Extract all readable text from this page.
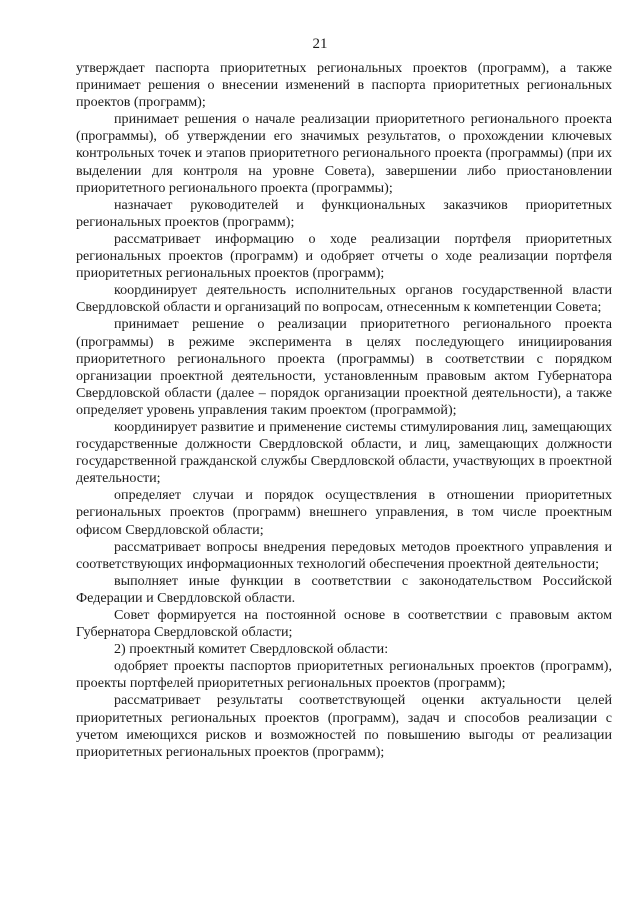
21

утверждает паспорта приоритетных региональных проектов (программ), а также принимает решения о внесении изменений в паспорта приоритетных региональных проектов (программ);

принимает решения о начале реализации приоритетного регионального проекта (программы), об утверждении его значимых результатов, о прохождении ключевых контрольных точек и этапов приоритетного регионального проекта (программы) (при их выделении для контроля на уровне Совета), завершении либо приостановлении приоритетного регионального проекта (программы);

назначает руководителей и функциональных заказчиков приоритетных региональных проектов (программ);

рассматривает информацию о ходе реализации портфеля приоритетных региональных проектов (программ) и одобряет отчеты о ходе реализации портфеля приоритетных региональных проектов (программ);

координирует деятельность исполнительных органов государственной власти Свердловской области и организаций по вопросам, отнесенным к компетенции Совета;

принимает решение о реализации приоритетного регионального проекта (программы) в режиме эксперимента в целях последующего инициирования приоритетного регионального проекта (программы) в соответствии с порядком организации проектной деятельности, установленным правовым актом Губернатора Свердловской области (далее – порядок организации проектной деятельности), а также определяет уровень управления таким проектом (программой);

координирует развитие и применение системы стимулирования лиц, замещающих государственные должности Свердловской области, и лиц, замещающих должности государственной гражданской службы Свердловской области, участвующих в проектной деятельности;

определяет случаи и порядок осуществления в отношении приоритетных региональных проектов (программ) внешнего управления, в том числе проектным офисом Свердловской области;

рассматривает вопросы внедрения передовых методов проектного управления и соответствующих информационных технологий обеспечения проектной деятельности;

выполняет иные функции в соответствии с законодательством Российской Федерации и Свердловской области.

Совет формируется на постоянной основе в соответствии с правовым актом Губернатора Свердловской области;

2) проектный комитет Свердловской области:

одобряет проекты паспортов приоритетных региональных проектов (программ), проекты портфелей приоритетных региональных проектов (программ);

рассматривает результаты соответствующей оценки актуальности целей приоритетных региональных проектов (программ), задач и способов реализации с учетом имеющихся рисков и возможностей по повышению выгоды от реализации приоритетных региональных проектов (программ);
